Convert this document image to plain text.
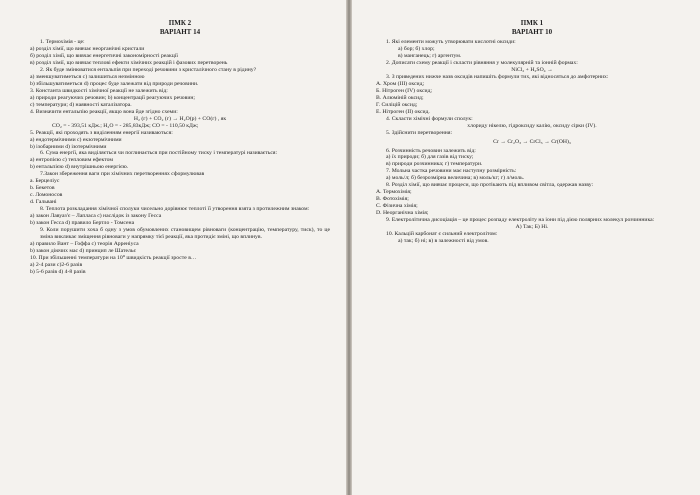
ПМК 2
ВАРІАНТ 14
1. Термохімія - це:
а) розділ хімії, що вивчає неорганічні кристали
б) розділ хімії, що вивчає енергетичні закономірності реакції
в) розділ хімії, що вивчає теплові ефекти хімічних реакцій і фазових перетворень
2. Як буде змінюватися ентальпія при переході речовини з кристалічного стану в рідину?
a) зменшуватиметься c) залишиться незмінною
b) збільшуватиметься d) процес буде залежати від природи речовини.
3. Константа швидкості хімічної реакції не залежить від:
a) природи реагуючих речовин; b) концентрації реагуючих речовин;
c) температури; d) наявності каталізатора.
4. Визначити ентальпію реакції, якщо вона йде згідно схеми:
H₂ (г) + CO₂ (г) → H₂O(р) + CO(г) , як
CO₂ = - 393,51 кДж.; H₂O = - 285,83кДж; CO = - 110,50 кДж;
5. Реакції, які проходять з виділенням енергії називаються:
a) ендотермічними c) екзотермічними
b) ізобарними d) ізотермічними
6. Сума енергії, яка виділяється чи поглинається при постійному тиску і температурі називається:
a) ентропією c) тепловим ефектом
b) ентальпією d) внутрішньою енергією.
7.Закон збереження ваги при хімічних перетвореннях сформулював
a. Берцеліус
b. Бекетов
c. Ломоносов
d. Гальвані
8. Теплота розкладання хімічної сполуки чисельно дорівнює теплоті її утворення взята з протилежним знаком:
a) закон Лавуаз'є – Лапласа c) наслідок із закону Гесса
b) закон Гесса d) правило Бертло - Томсена
9. Коли порушити хоча б одну з умов обумовлених становищем рівноваги (концентрацію, температуру, тиск), то це зміна викликає зміщення рівноваги у напрямку тієї реакції, яка протидіє зміні, що вплинув.
a) правило Вант – Гоффа c) теорія Арреніуса
b) закон діючих мас d) принцип ле Шательє
10. При збільшенні температури на 10⁰ швидкість реакції зросте в…
a) 2-4 рази c)2-6 разів
b) 5-6 разів d) 4-8 разів
ПМК 1
ВАРІАНТ 10
1. Які елементи можуть утворювати кислотні оксиди:
а) бор; б) хлор;
в) манганець; г) аргентум.
2. Дописати схему реакції і скласти рівняння у молекулярній та іонній формах:
NiCl₂ + H₂SO₄ →
3. З приведених нижче назв оксидів напишіть формули тих, які відносяться до амфотерних:
А. Хром (ІІІ) оксид;
Б. Нітроген (IV) оксид;
В. Алюміній оксид;
Г. Силіцій оксид;
Е. Нітроген (ІІ) оксид.
4. Скласти хімічні формули сполук:
хлориду нікелю, гідроксиду калію, оксиду сірки (IV).
5. Здійснити перетворення:
Cr → Cr₂O₃ → CrCl₃ → Cr(OH)₃
6. Розчинність речовин залежить від:
а) їх природи; б) для газів від тиску;
в) природи розчинника; г) температури.
7. Мольна частка речовини має наступну розмірність:
а) моль/л; б) безрозмірна величина; в) моль/кг; г) л/моль.
8. Розділ хімії, що вивчає процеси, що протікають під впливом світла, одержав назву:
А. Термохімія;
B. Фотохімія;
C. Фізична хімія;
D. Неорганічна хімія;
9. Електролітична дисоціація – це процес розпаду електроліту на іони під дією полярних молекул розчинника:
А) Так; Б) Ні.
10. Кальцій карбонат є сильний електролітом:
а) так; б) ні; в) в залежності від умов.
